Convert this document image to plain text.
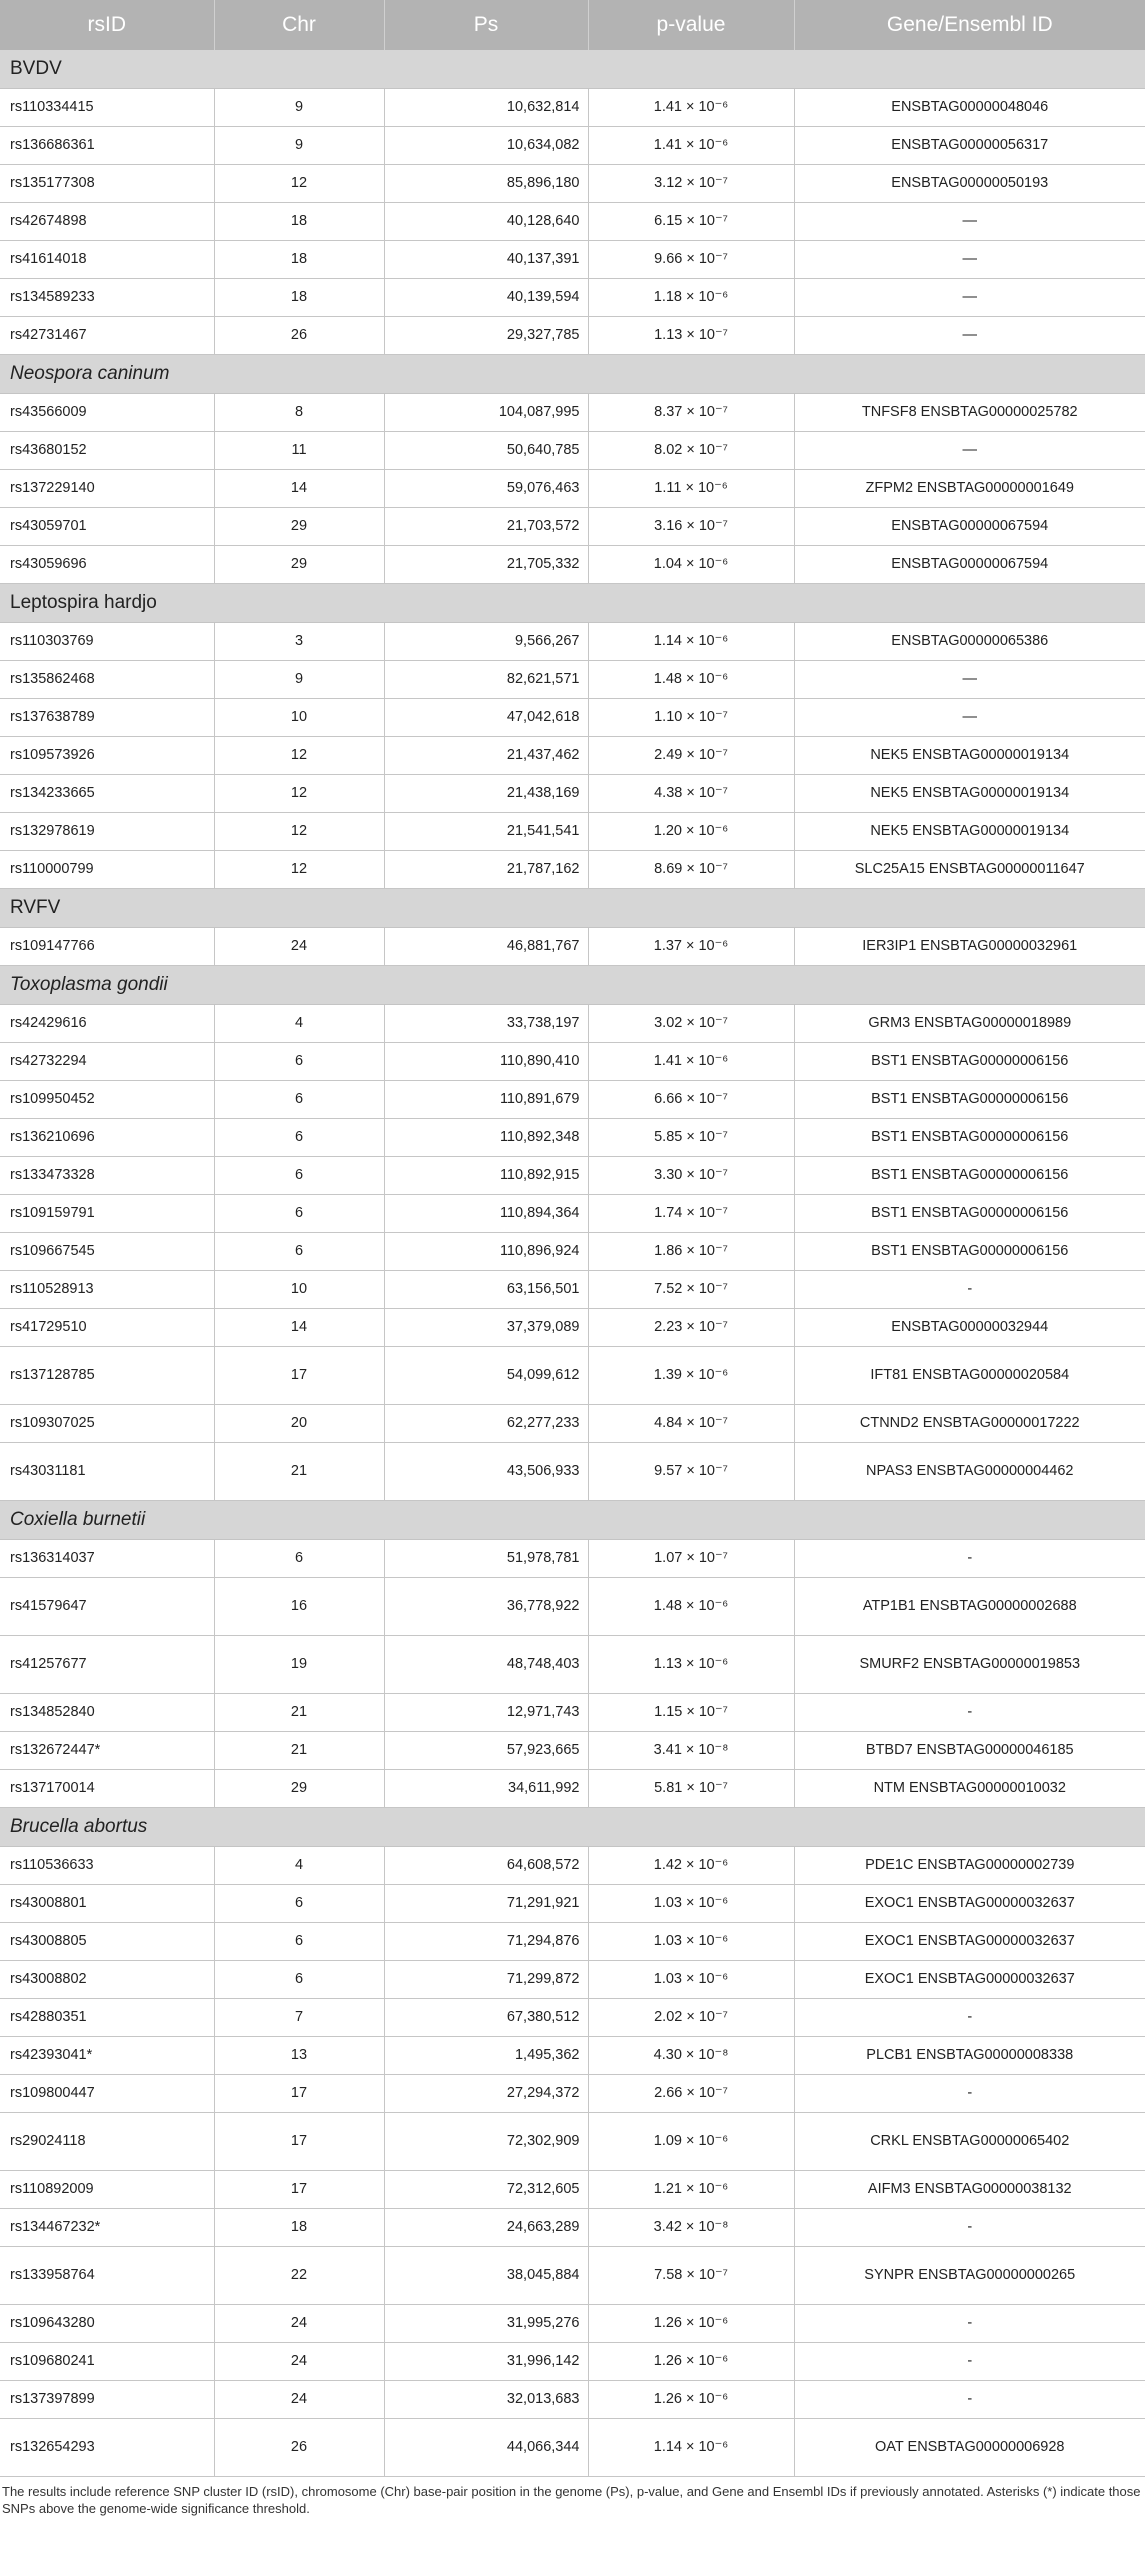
rsID	Chr	Ps	p-value	Gene/Ensembl ID
BVDV				
rs110334415	9	10,632,814	1.41 × 10⁻⁶	ENSBTAG00000048046
rs136686361	9	10,634,082	1.41 × 10⁻⁶	ENSBTAG00000056317
rs135177308	12	85,896,180	3.12 × 10⁻⁷	ENSBTAG00000050193
rs42674898	18	40,128,640	6.15 × 10⁻⁷	—
rs41614018	18	40,137,391	9.66 × 10⁻⁷	—
rs134589233	18	40,139,594	1.18 × 10⁻⁶	—
rs42731467	26	29,327,785	1.13 × 10⁻⁷	—
Neospora caninum				
rs43566009	8	104,087,995	8.37 × 10⁻⁷	TNFSF8 ENSBTAG00000025782
rs43680152	11	50,640,785	8.02 × 10⁻⁷	—
rs137229140	14	59,076,463	1.11 × 10⁻⁶	ZFPM2 ENSBTAG00000001649
rs43059701	29	21,703,572	3.16 × 10⁻⁷	ENSBTAG00000067594
rs43059696	29	21,705,332	1.04 × 10⁻⁶	ENSBTAG00000067594
Leptospira hardjo				
rs110303769	3	9,566,267	1.14 × 10⁻⁶	ENSBTAG00000065386
rs135862468	9	82,621,571	1.48 × 10⁻⁶	—
rs137638789	10	47,042,618	1.10 × 10⁻⁷	—
rs109573926	12	21,437,462	2.49 × 10⁻⁷	NEK5 ENSBTAG00000019134
rs134233665	12	21,438,169	4.38 × 10⁻⁷	NEK5 ENSBTAG00000019134
rs132978619	12	21,541,541	1.20 × 10⁻⁶	NEK5 ENSBTAG00000019134
rs110000799	12	21,787,162	8.69 × 10⁻⁷	SLC25A15 ENSBTAG00000011647
RVFV				
rs109147766	24	46,881,767	1.37 × 10⁻⁶	IER3IP1 ENSBTAG00000032961
Toxoplasma gondii				
rs42429616	4	33,738,197	3.02 × 10⁻⁷	GRM3 ENSBTAG00000018989
rs42732294	6	110,890,410	1.41 × 10⁻⁶	BST1 ENSBTAG00000006156
rs109950452	6	110,891,679	6.66 × 10⁻⁷	BST1 ENSBTAG00000006156
rs136210696	6	110,892,348	5.85 × 10⁻⁷	BST1 ENSBTAG00000006156
rs133473328	6	110,892,915	3.30 × 10⁻⁷	BST1 ENSBTAG00000006156
rs109159791	6	110,894,364	1.74 × 10⁻⁷	BST1 ENSBTAG00000006156
rs109667545	6	110,896,924	1.86 × 10⁻⁷	BST1 ENSBTAG00000006156
rs110528913	10	63,156,501	7.52 × 10⁻⁷	-
rs41729510	14	37,379,089	2.23 × 10⁻⁷	ENSBTAG00000032944
rs137128785	17	54,099,612	1.39 × 10⁻⁶	IFT81 ENSBTAG00000020584
rs109307025	20	62,277,233	4.84 × 10⁻⁷	CTNND2 ENSBTAG00000017222
rs43031181	21	43,506,933	9.57 × 10⁻⁷	NPAS3 ENSBTAG00000004462
Coxiella burnetii				
rs136314037	6	51,978,781	1.07 × 10⁻⁷	-
rs41579647	16	36,778,922	1.48 × 10⁻⁶	ATP1B1 ENSBTAG00000002688
rs41257677	19	48,748,403	1.13 × 10⁻⁶	SMURF2 ENSBTAG00000019853
rs134852840	21	12,971,743	1.15 × 10⁻⁷	-
rs132672447*	21	57,923,665	3.41 × 10⁻⁸	BTBD7 ENSBTAG00000046185
rs137170014	29	34,611,992	5.81 × 10⁻⁷	NTM ENSBTAG00000010032
Brucella abortus				
rs110536633	4	64,608,572	1.42 × 10⁻⁶	PDE1C ENSBTAG00000002739
rs43008801	6	71,291,921	1.03 × 10⁻⁶	EXOC1 ENSBTAG00000032637
rs43008805	6	71,294,876	1.03 × 10⁻⁶	EXOC1 ENSBTAG00000032637
rs43008802	6	71,299,872	1.03 × 10⁻⁶	EXOC1 ENSBTAG00000032637
rs42880351	7	67,380,512	2.02 × 10⁻⁷	-
rs42393041*	13	1,495,362	4.30 × 10⁻⁸	PLCB1 ENSBTAG00000008338
rs109800447	17	27,294,372	2.66 × 10⁻⁷	-
rs29024118	17	72,302,909	1.09 × 10⁻⁶	CRKL ENSBTAG00000065402
rs110892009	17	72,312,605	1.21 × 10⁻⁶	AIFM3 ENSBTAG00000038132
rs134467232*	18	24,663,289	3.42 × 10⁻⁸	-
rs133958764	22	38,045,884	7.58 × 10⁻⁷	SYNPR ENSBTAG00000000265
rs109643280	24	31,995,276	1.26 × 10⁻⁶	-
rs109680241	24	31,996,142	1.26 × 10⁻⁶	-
rs137397899	24	32,013,683	1.26 × 10⁻⁶	-
rs132654293	26	44,066,344	1.14 × 10⁻⁶	OAT ENSBTAG00000006928
The results include reference SNP cluster ID (rsID), chromosome (Chr) base-pair position in the genome (Ps), p-value, and Gene and Ensembl IDs if previously annotated. Asterisks (*) indicate those SNPs above the genome-wide significance threshold.
